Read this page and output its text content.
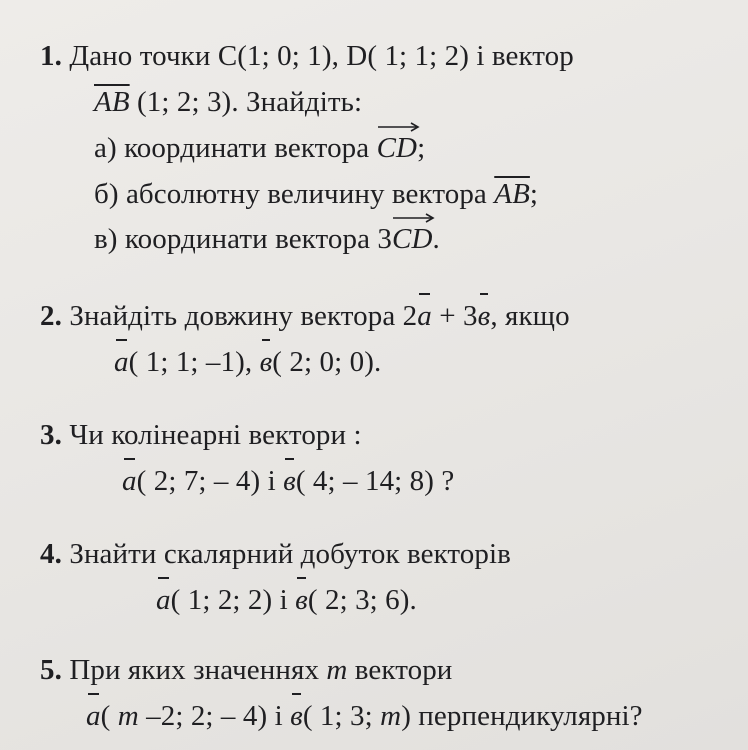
1. Дано точки C(1; 0; 1), D( 1; 1; 2) і вектор
$\overline{AB}$ (1; 2; 3). Знайдіть:
а) координати вектора
CD;
б) абсолютну величину вектора $\overline{AB}$;
в) координати вектора 3
CD.
2. Знайдіть довжину вектора 2a + 3в, якщо
a( 1; 1; –1), в( 2; 0; 0).
3. Чи колінеарні вектори :
a( 2; 7; – 4) і в( 4; – 14; 8) ?
4. Знайти скалярний добуток векторів
a( 1; 2; 2) і в( 2; 3; 6).
5. При яких значеннях m вектори
a( m –2; 2; – 4) і в( 1; 3; m) перпендикулярні?
